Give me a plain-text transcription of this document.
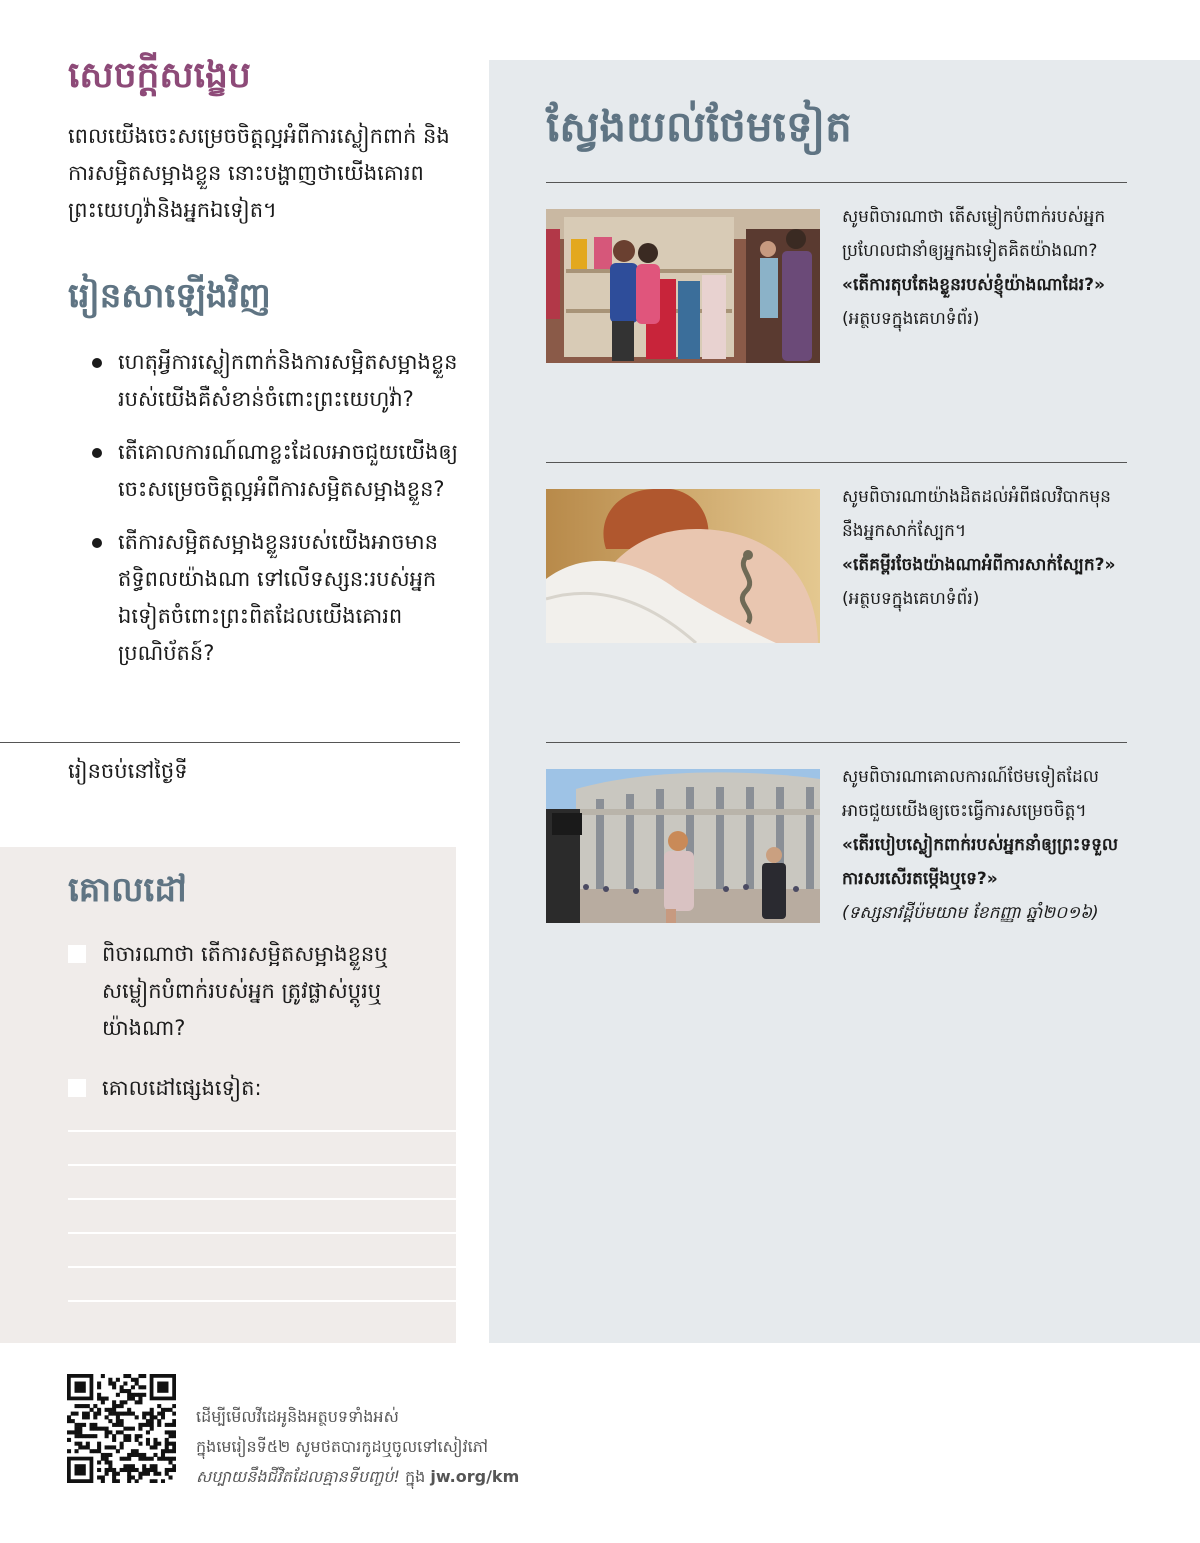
សេចក្ដីសង្ខេប
ពេលយើងចេះសម្រេចចិត្តល្អអំពីការស្លៀកពាក់ និងការសម្អិតសម្អាងខ្លួន នោះបង្ហាញថាយើងគោរពព្រះយេហូវ៉ានិងអ្នកឯទៀត។
រៀនសាឡើងវិញ
ហេតុអ្វីការស្លៀកពាក់និងការសម្អិតសម្អាងខ្លួនរបស់យើងគឺសំខាន់ចំពោះព្រះយេហូវ៉ា?
តើគោលការណ៍ណាខ្លះដែលអាចជួយយើងឲ្យចេះសម្រេចចិត្តល្អអំពីការសម្អិតសម្អាងខ្លួន?
តើការសម្អិតសម្អាងខ្លួនរបស់យើងអាចមានឥទ្ធិពលយ៉ាងណា ទៅលើទស្សនៈរបស់អ្នកឯទៀតចំពោះព្រះពិតដែលយើងគោរពប្រណិប័តន៍?
រៀនចប់នៅថ្ងៃទី
គោលដៅ
ពិចារណាថា តើការសម្អិតសម្អាងខ្លួនឬសម្លៀកបំពាក់របស់អ្នក ត្រូវផ្លាស់ប្ដូរឬយ៉ាងណា?
គោលដៅផ្សេងទៀត:
ស្វែងយល់ថែមទៀត
សូមពិចារណាថា តើសម្លៀកបំពាក់របស់អ្នកប្រហែលជានាំឲ្យអ្នកឯទៀតគិតយ៉ាងណា?
«តើការតុបតែងខ្លួនរបស់ខ្ញុំយ៉ាងណាដែរ?» (អត្ថបទក្នុងគេហទំព័រ)
សូមពិចារណាយ៉ាងដិតដល់អំពីផលវិបាកមុននឹងអ្នកសាក់ស្បែក។
«តើគម្ពីរចែងយ៉ាងណាអំពីការសាក់ស្បែក?» (អត្ថបទក្នុងគេហទំព័រ)
សូមពិចារណាគោលការណ៍ថែមទៀតដែលអាចជួយយើងឲ្យចេះធ្វើការសម្រេចចិត្ត។
«តើរបៀបស្លៀកពាក់របស់អ្នកនាំឲ្យព្រះទទួលការសរសើរតម្កើងឬទេ?»
(ទស្សនាវដ្ដីប៉មយាម ខែកញ្ញា ឆ្នាំ២០១៦)
ដើម្បីមើលវីដេអូនិងអត្ថបទទាំងអស់
ក្នុងមេរៀនទី៥២ សូមថតបារកូដឬចូលទៅសៀវភៅ
សប្បាយនឹងជីវិតដែលគ្មានទីបញ្ចប់! ក្នុង jw.org/km
